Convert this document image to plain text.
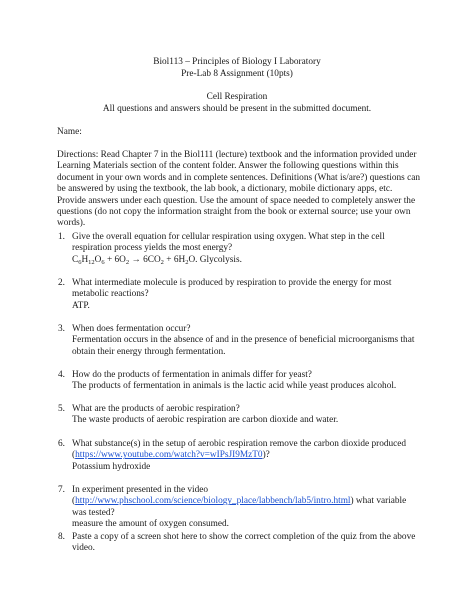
Biol113 – Principles of Biology I Laboratory
Pre-Lab 8 Assignment (10pts)
Cell Respiration
All questions and answers should be present in the submitted document.
Name:
Directions: Read Chapter 7 in the Biol111 (lecture) textbook and the information provided under Learning Materials section of the content folder. Answer the following questions within this document in your own words and in complete sentences. Definitions (What is/are?) questions can be answered by using the textbook, the lab book, a dictionary, mobile dictionary apps, etc. Provide answers under each question. Use the amount of space needed to completely answer the questions (do not copy the information straight from the book or external source; use your own words).
1. Give the overall equation for cellular respiration using oxygen. What step in the cell respiration process yields the most energy?
$C_6H_{12}O_6 + 6O_2 \to 6CO_2 + 6H_2O$. Glycolysis.
2. What intermediate molecule is produced by respiration to provide the energy for most metabolic reactions?
ATP.
3. When does fermentation occur?
Fermentation occurs in the absence of and in the presence of beneficial microorganisms that obtain their energy through fermentation.
4. How do the products of fermentation in animals differ for yeast?
The products of fermentation in animals is the lactic acid while yeast produces alcohol.
5. What are the products of aerobic respiration?
The waste products of aerobic respiration are carbon dioxide and water.
6. What substance(s) in the setup of aerobic respiration remove the carbon dioxide produced (https://www.youtube.com/watch?v=wIPsJI9MzT0)?
Potassium hydroxide
7. In experiment presented in the video (http://www.phschool.com/science/biology_place/labbench/lab5/intro.html) what variable was tested?
measure the amount of oxygen consumed.
8. Paste a copy of a screen shot here to show the correct completion of the quiz from the above video.
